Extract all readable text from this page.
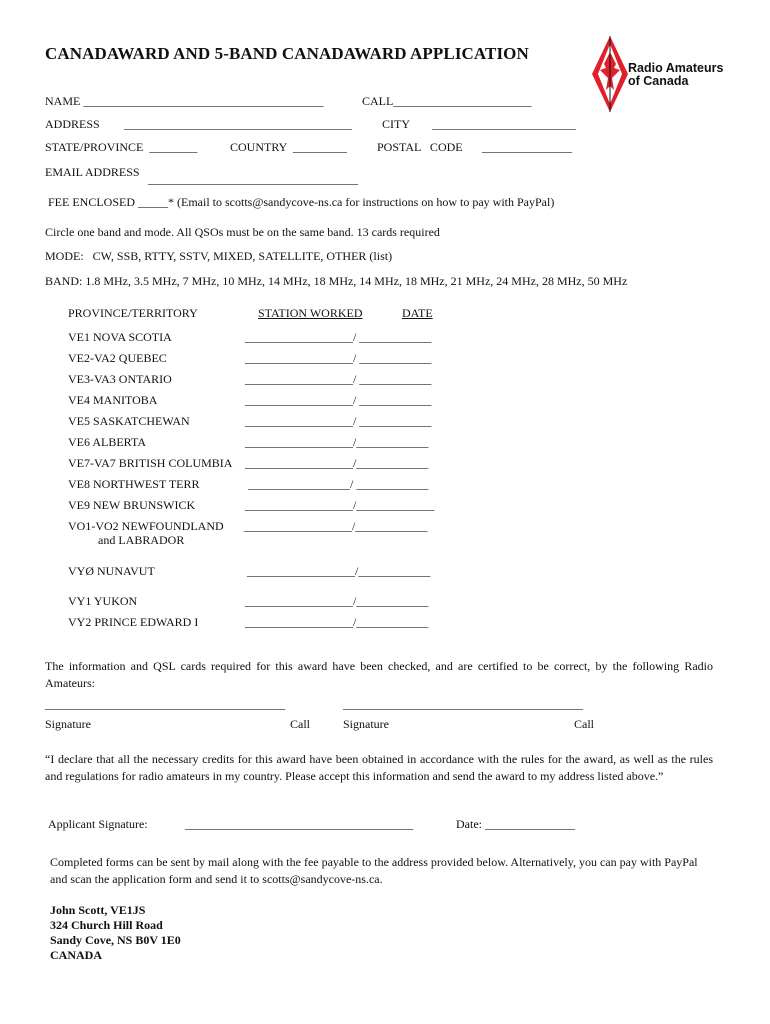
CANADAWARD AND 5-BAND CANADAWARD APPLICATION
Radio Amateurs
of Canada
NAME ________________________________________	CALL_______________________
ADDRESS ______________________________________	CITY ________________________
STATE/PROVINCE  ________	COUNTRY  _________	POSTAL   CODE _______________
EMAIL ADDRESS ___________________________________
FEE ENCLOSED _____* (Email to scotts@sandycove-ns.ca for instructions on how to pay with PayPal)
Circle one band and mode. All QSOs must be on the same band. 13 cards required
MODE:   CW, SSB, RTTY, SSTV, MIXED, SATELLITE, OTHER (list)
BAND: 1.8 MHz, 3.5 MHz, 7 MHz, 10 MHz, 14 MHz, 18 MHz, 14 MHz, 18 MHz, 21 MHz, 24 MHz, 28 MHz, 50 MHz
PROVINCE/TERRITORY	STATION WORKED	DATE
VE1 NOVA SCOTIA	__________________/ ____________
VE2-VA2 QUEBEC	__________________/ ____________
VE3-VA3 ONTARIO	__________________/ ____________
VE4 MANITOBA	__________________/ ____________
VE5 SASKATCHEWAN	__________________/ ____________
VE6 ALBERTA	__________________/____________
VE7-VA7 BRITISH COLUMBIA __________________/____________
VE8 NORTHWEST TERR	_________________/ ____________
VE9 NEW BRUNSWICK	__________________/_____________
VO1-VO2 NEWFOUNDLAND
and LABRADOR
__________________/____________
VYØ NUNAVUT	__________________/____________
VY1 YUKON	__________________/____________
VY2 PRINCE EDWARD I	__________________/____________
The information and QSL cards required for this award have been checked, and are certified to be correct, by the following Radio Amateurs:
________________________________________	________________________________________
Signature	Call	Signature	Call
“I declare that all the necessary credits for this award have been obtained in accordance with the rules for the award, as well as the rules and regulations for radio amateurs in my country. Please accept this information and send the award to my address listed above.”
Applicant Signature:	______________________________________	Date: _______________
Completed forms can be sent by mail along with the fee payable to the address provided below. Alternatively, you can pay with PayPal and scan the application form and send it to scotts@sandycove-ns.ca.
John Scott, VE1JS
324 Church Hill Road
Sandy Cove, NS B0V 1E0
CANADA
